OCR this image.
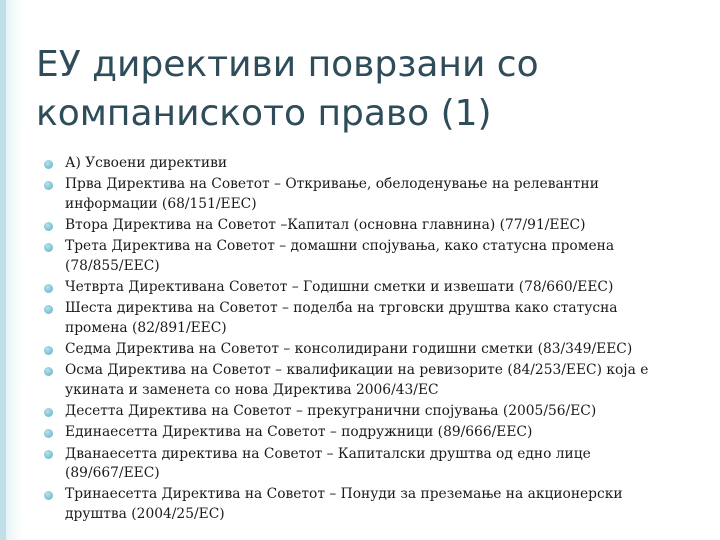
ЕУ директиви поврзани со компаниското право (1)
А) Усвоени директиви
Прва Директива на Советот – Откривање, обелоденување на релевантни информации (68/151/EEC)
Втора Директива на Советот –Капитал (основна главнина) (77/91/EEC)
Трета Директива на Советот – домашни спојувања, како статусна промена (78/855/EEC)
Четврта Директивана Советот – Годишни сметки и извешати (78/660/EEC)
Шеста директива на Советот – поделба на трговски друштва како статусна промена (82/891/EEC)
Седма Директива на Советот – консолидирани годишни сметки (83/349/EEC)
Осма Директива на Советот – квалификации на ревизорите (84/253/EEC) која е укината и заменета со нова Директива 2006/43/EC
Десетта Директива на Советот – прекугранични спојувања (2005/56/EC)
Единаесетта Директива на Советот – подружници (89/666/EEC)
Дванаесетта директива на Советот – Капиталски друштва од едно лице (89/667/EEC)
Тринаесетта Директива на Советот – Понуди за преземање на акционерски друштва (2004/25/EC)
